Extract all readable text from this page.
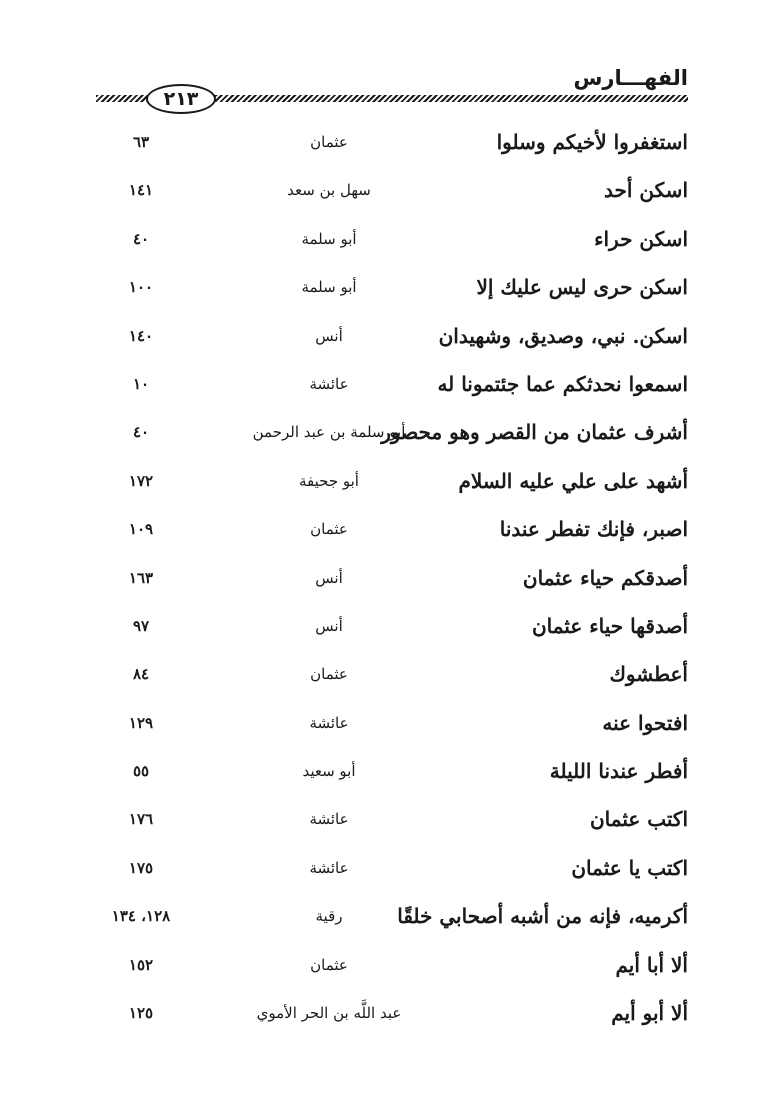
الفهـــارس
٢١٣
استغفروا لأخيكم وسلوا
عثمان
٦٣
اسكن أحد
سهل بن سعد
١٤١
اسكن حراء
أبو سلمة
٤٠
اسكن حرى ليس عليك إلا
أبو سلمة
١٠٠
اسكن. نبي، وصديق، وشهيدان
أنس
١٤٠
اسمعوا نحدثكم عما جئتمونا له
عائشة
١٠
أشرف عثمان من القصر وهو محصور
أبو سلمة بن عبد الرحمن
٤٠
أشهد على علي عليه السلام
أبو جحيفة
١٧٢
اصبر، فإنك تفطر عندنا
عثمان
١٠٩
أصدقكم حياء عثمان
أنس
١٦٣
أصدقها حياء عثمان
أنس
٩٧
أعطشوك
عثمان
٨٤
افتحوا عنه
عائشة
١٢٩
أفطر عندنا الليلة
أبو سعيد
٥٥
اكتب عثمان
عائشة
١٧٦
اكتب يا عثمان
عائشة
١٧٥
أكرميه، فإنه من أشبه أصحابي خلقًا
رقية
١٢٨، ١٣٤
ألا أبا أيم
عثمان
١٥٢
ألا أبو أيم
عبد اللَّه بن الحر الأموي
١٢٥
